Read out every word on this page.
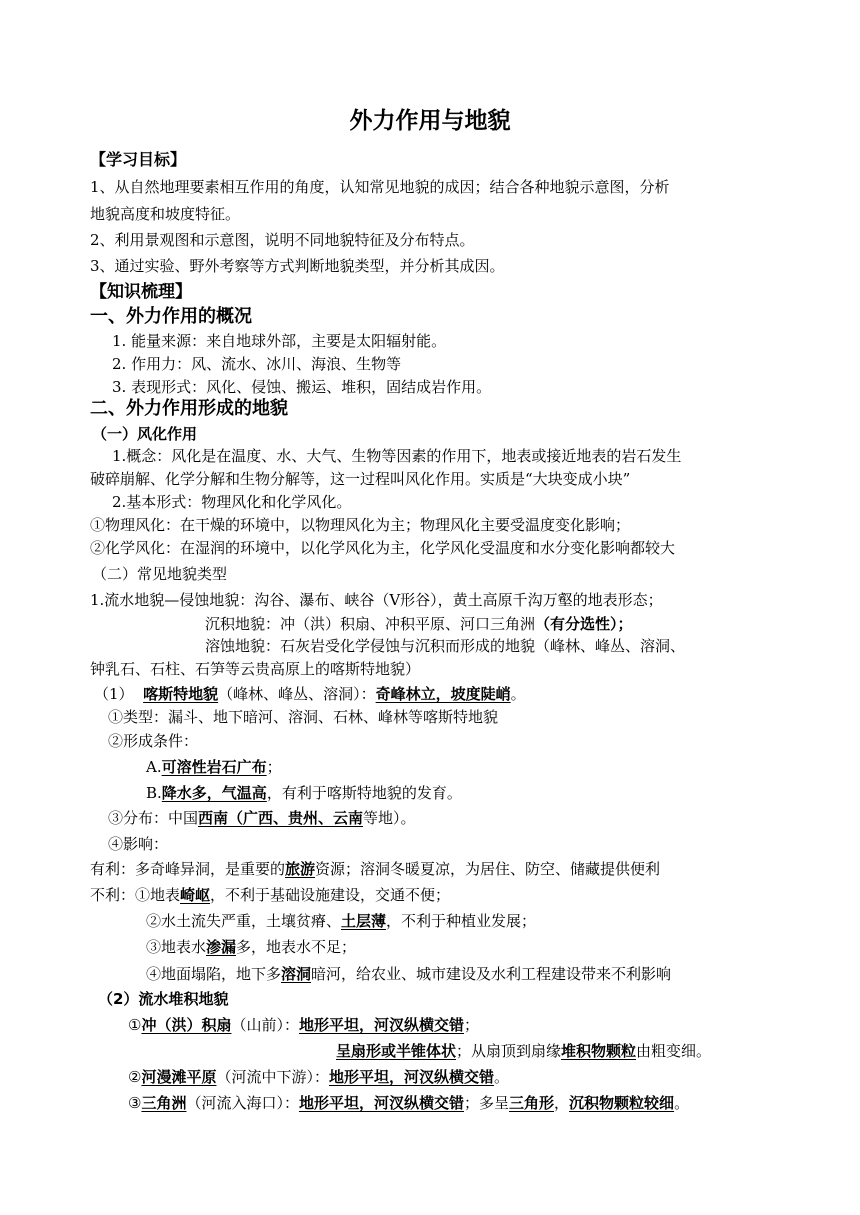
外力作用与地貌
【学习目标】
1、从自然地理要素相互作用的角度，认知常见地貌的成因；结合各种地貌示意图，分析
地貌高度和坡度特征。
2、利用景观图和示意图，说明不同地貌特征及分布特点。
3、通过实验、野外考察等方式判断地貌类型，并分析其成因。
【知识梳理】
一、外力作用的概况
1. 能量来源：来自地球外部，主要是太阳辐射能。
2. 作用力：风、流水、冰川、海浪、生物等
3. 表现形式：风化、侵蚀、搬运、堆积，固结成岩作用。
二、外力作用形成的地貌
（一）风化作用
1.概念：风化是在温度、水、大气、生物等因素的作用下，地表或接近地表的岩石发生
破碎崩解、化学分解和生物分解等，这一过程叫风化作用。实质是“大块变成小块”
2.基本形式：物理风化和化学风化。
①物理风化：在干燥的环境中，以物理风化为主；物理风化主要受温度变化影响；
②化学风化：在湿润的环境中，以化学风化为主，化学风化受温度和水分变化影响都较大
（二）常见地貌类型
1.流水地貌—侵蚀地貌：沟谷、瀑布、峡谷（V形谷），黄土高原千沟万壑的地表形态；
沉积地貌：冲（洪）积扇、冲积平原、河口三角洲（有分选性）；
溶蚀地貌：石灰岩受化学侵蚀与沉积而形成的地貌（峰林、峰丛、溶洞、
钟乳石、石柱、石笋等云贵高原上的喀斯特地貌）
（1） 喀斯特地貌（峰林、峰丛、溶洞）：奇峰林立，坡度陡峭。
①类型：漏斗、地下暗河、溶洞、石林、峰林等喀斯特地貌
②形成条件：
A.可溶性岩石广布；
B.降水多，气温高，有利于喀斯特地貌的发育。
③分布：中国西南（广西、贵州、云南等地）。
④影响：
有利：多奇峰异洞，是重要的旅游资源；溶洞冬暖夏凉，为居住、防空、储藏提供便利
不利：①地表崎岖，不利于基础设施建设，交通不便；
②水土流失严重，土壤贫瘠、土层薄，不利于种植业发展；
③地表水渗漏多，地表水不足；
④地面塌陷，地下多溶洞暗河，给农业、城市建设及水利工程建设带来不利影响
（2）流水堆积地貌
①冲（洪）积扇（山前）：地形平坦，河汊纵横交错；
呈扇形或半锥体状；从扇顶到扇缘堆积物颗粒由粗变细。
②河漫滩平原（河流中下游）：地形平坦，河汊纵横交错。
③三角洲（河流入海口）：地形平坦，河汊纵横交错；多呈三角形，沉积物颗粒较细。
